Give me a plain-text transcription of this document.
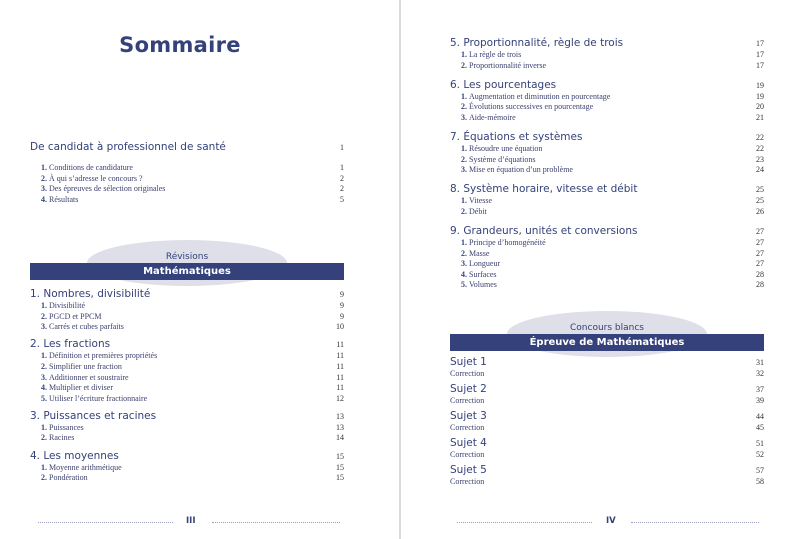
Sommaire
De candidat à professionnel de santé	1
1. Conditions de candidature	1
2. À qui s’adresse le concours ?	2
3. Des épreuves de sélection originales	2
4. Résultats	5
Révisions
Mathématiques
1. Nombres, divisibilité	9
1. Divisibilité	9
2. PGCD et PPCM	9
3. Carrés et cubes parfaits	10
2. Les fractions	11
1. Définition et premières propriétés	11
2. Simplifier une fraction	11
3. Additionner et soustraire	11
4. Multiplier et diviser	11
5. Utiliser l’écriture fractionnaire	12
3. Puissances et racines	13
1. Puissances	13
2. Racines	14
4. Les moyennes	15
1. Moyenne arithmétique	15
2. Pondération	15
III
5. Proportionnalité, règle de trois	17
1. La règle de trois	17
2. Proportionnalité inverse	17
6. Les pourcentages	19
1. Augmentation et diminution en pourcentage	19
2. Évolutions successives en pourcentage	20
3. Aide-mémoire	21
7. Équations et systèmes	22
1. Résoudre une équation	22
2. Système d’équations	23
3. Mise en équation d’un problème	24
8. Système horaire, vitesse et débit	25
1. Vitesse	25
2. Débit	26
9. Grandeurs, unités et conversions	27
1. Principe d’homogénéité	27
2. Masse	27
3. Longueur	27
4. Surfaces	28
5. Volumes	28
Concours blancs
Épreuve de Mathématiques
Sujet 1	31
Correction	32
Sujet 2	37
Correction	39
Sujet 3	44
Correction	45
Sujet 4	51
Correction	52
Sujet 5	57
Correction	58
IV
